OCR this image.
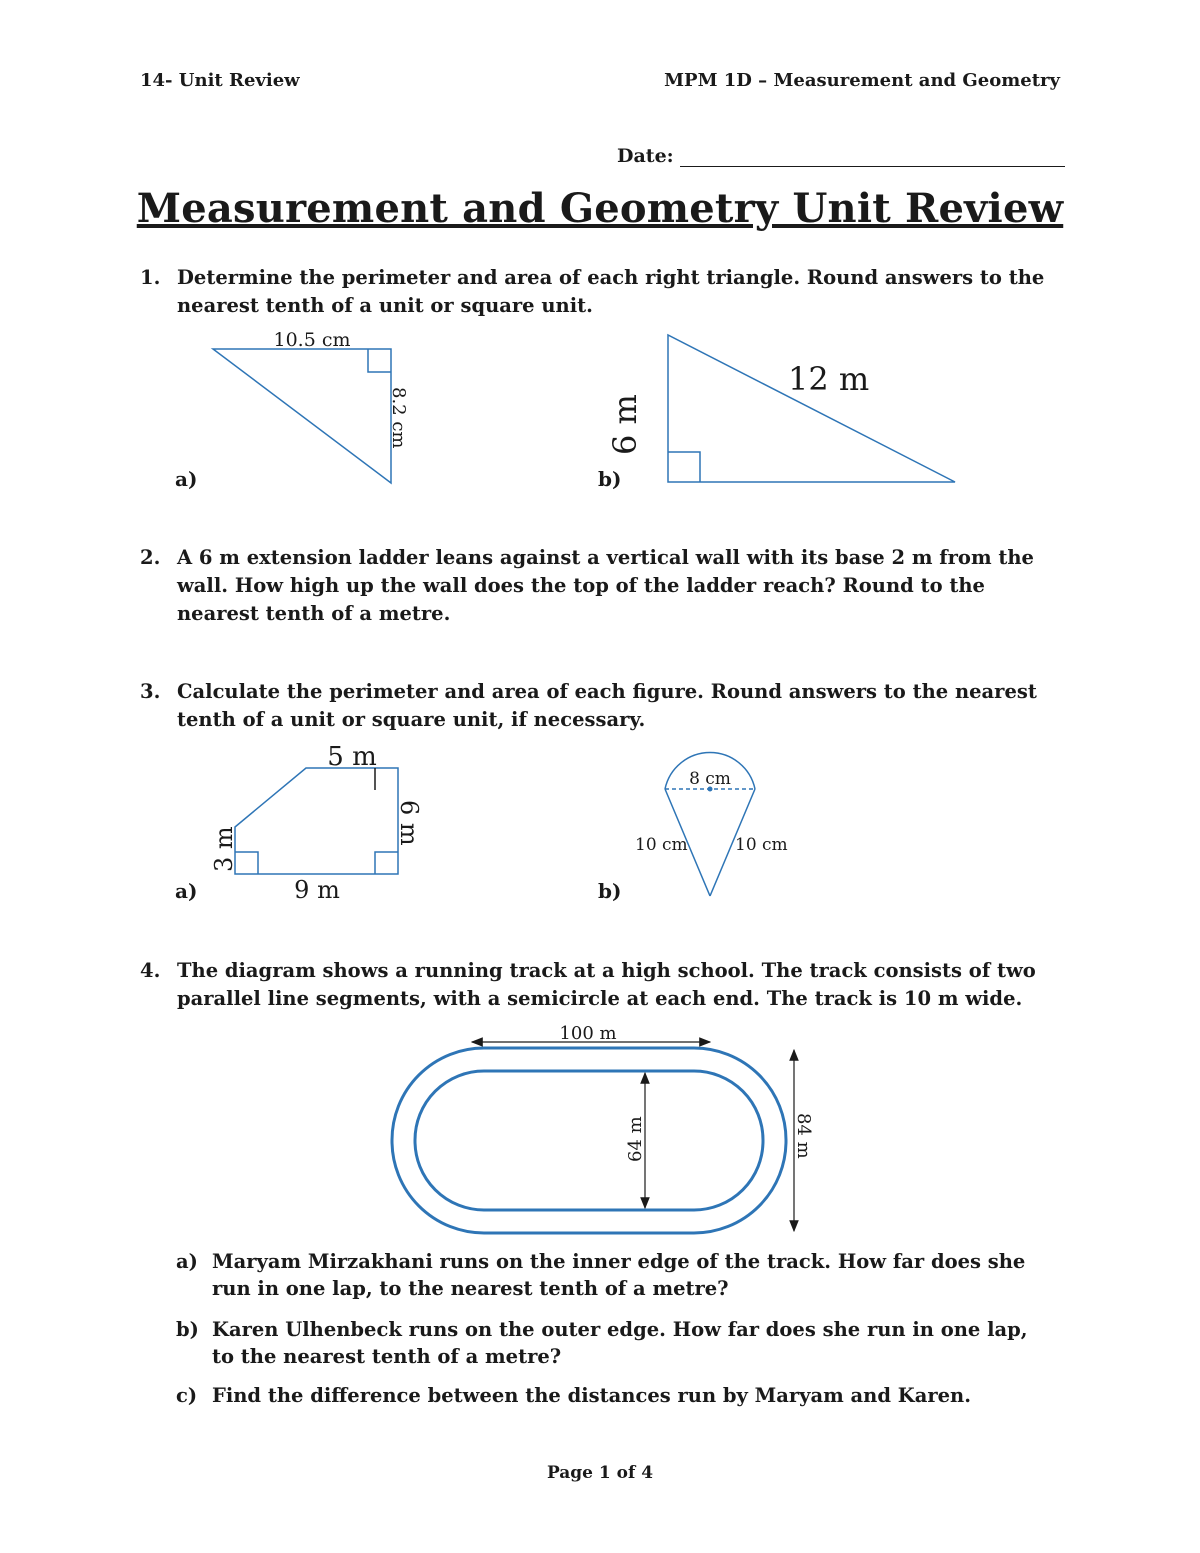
14- Unit Review	MPM 1D – Measurement and Geometry
Date:
Measurement and Geometry Unit Review
1. Determine the perimeter and area of each right triangle. Round answers to the nearest tenth of a unit or square unit.
10.5 cm
8.2 cm
a)
6 m
12 m
b)
2. A 6 m extension ladder leans against a vertical wall with its base 2 m from the wall. How high up the wall does the top of the ladder reach? Round to the nearest tenth of a metre.
3. Calculate the perimeter and area of each figure. Round answers to the nearest tenth of a unit or square unit, if necessary.
5 m
6 m
3 m
9 m
a)
8 cm
10 cm	10 cm
b)
4. The diagram shows a running track at a high school. The track consists of two parallel line segments, with a semicircle at each end. The track is 10 m wide.
100 m
64 m	84 m
a) Maryam Mirzakhani runs on the inner edge of the track. How far does she run in one lap, to the nearest tenth of a metre?
b) Karen Ulhenbeck runs on the outer edge. How far does she run in one lap, to the nearest tenth of a metre?
c) Find the difference between the distances run by Maryam and Karen.
Page 1 of 4
